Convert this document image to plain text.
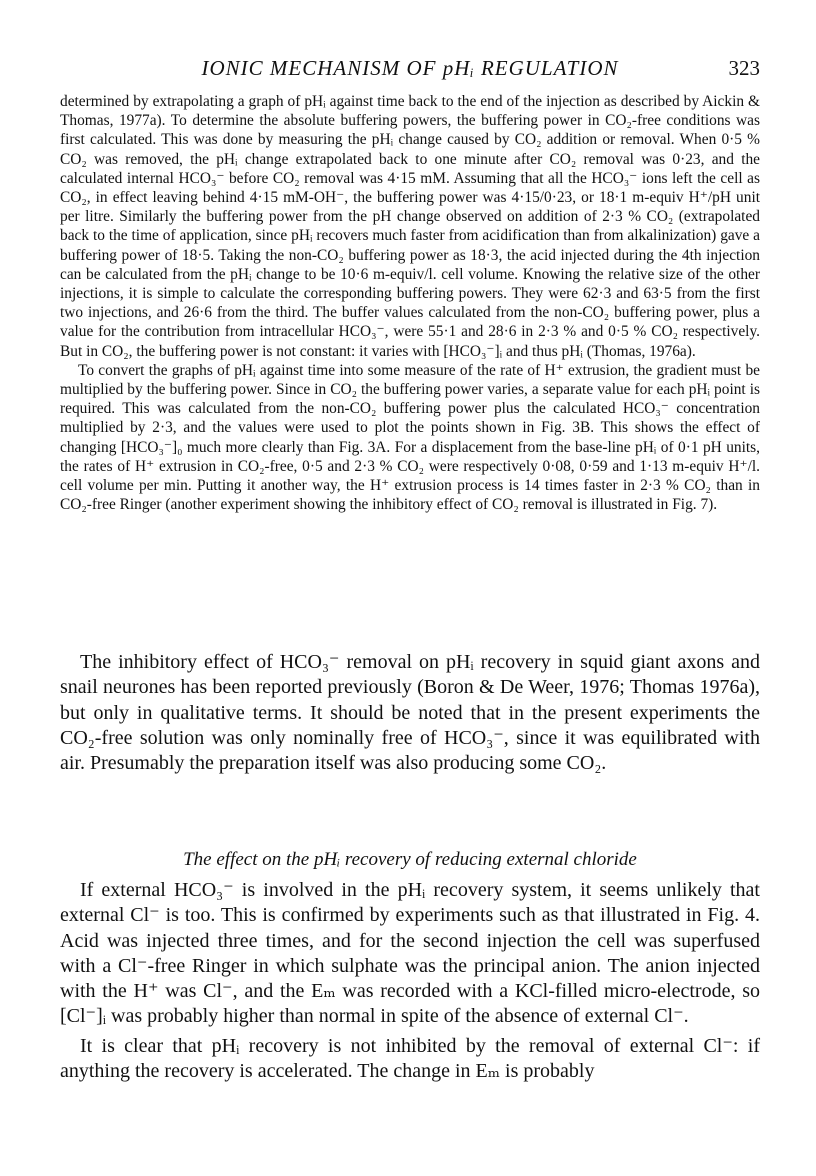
IONIC MECHANISM OF pHᵢ REGULATION	323

determined by extrapolating a graph of pHᵢ against time back to the end of the injection as described by Aickin & Thomas, 1977a). To determine the absolute buffering powers, the buffering power in CO₂-free conditions was first calculated. This was done by measuring the pHᵢ change caused by CO₂ addition or removal. When 0·5 % CO₂ was removed, the pHᵢ change extrapolated back to one minute after CO₂ removal was 0·23, and the calculated internal HCO₃⁻ before CO₂ removal was 4·15 mM. Assuming that all the HCO₃⁻ ions left the cell as CO₂, in effect leaving behind 4·15 mM-OH⁻, the buffering power was 4·15/0·23, or 18·1 m-equiv H⁺/pH unit per litre. Similarly the buffering power from the pH change observed on addition of 2·3 % CO₂ (extrapolated back to the time of application, since pHᵢ recovers much faster from acidification than from alkalinization) gave a buffering power of 18·5. Taking the non-CO₂ buffering power as 18·3, the acid injected during the 4th injection can be calculated from the pHᵢ change to be 10·6 m-equiv/l. cell volume. Knowing the relative size of the other injections, it is simple to calculate the corresponding buffering powers. They were 62·3 and 63·5 from the first two injections, and 26·6 from the third. The buffer values calculated from the non-CO₂ buffering power, plus a value for the contribution from intracellular HCO₃⁻, were 55·1 and 28·6 in 2·3 % and 0·5 % CO₂ respectively. But in CO₂, the buffering power is not constant: it varies with [HCO₃⁻]ᵢ and thus pHᵢ (Thomas, 1976a).

To convert the graphs of pHᵢ against time into some measure of the rate of H⁺ extrusion, the gradient must be multiplied by the buffering power. Since in CO₂ the buffering power varies, a separate value for each pHᵢ point is required. This was calculated from the non-CO₂ buffering power plus the calculated HCO₃⁻ concentration multiplied by 2·3, and the values were used to plot the points shown in Fig. 3B. This shows the effect of changing [HCO₃⁻]₀ much more clearly than Fig. 3A. For a displacement from the base-line pHᵢ of 0·1 pH units, the rates of H⁺ extrusion in CO₂-free, 0·5 and 2·3 % CO₂ were respectively 0·08, 0·59 and 1·13 m-equiv H⁺/l. cell volume per min. Putting it another way, the H⁺ extrusion process is 14 times faster in 2·3 % CO₂ than in CO₂-free Ringer (another experiment showing the inhibitory effect of CO₂ removal is illustrated in Fig. 7).

The inhibitory effect of HCO₃⁻ removal on pHᵢ recovery in squid giant axons and snail neurones has been reported previously (Boron & De Weer, 1976; Thomas 1976a), but only in qualitative terms. It should be noted that in the present experiments the CO₂-free solution was only nominally free of HCO₃⁻, since it was equilibrated with air. Presumably the preparation itself was also producing some CO₂.

The effect on the pHᵢ recovery of reducing external chloride

If external HCO₃⁻ is involved in the pHᵢ recovery system, it seems unlikely that external Cl⁻ is too. This is confirmed by experiments such as that illustrated in Fig. 4. Acid was injected three times, and for the second injection the cell was superfused with a Cl⁻-free Ringer in which sulphate was the principal anion. The anion injected with the H⁺ was Cl⁻, and the Eₘ was recorded with a KCl-filled micro-electrode, so [Cl⁻]ᵢ was probably higher than normal in spite of the absence of external Cl⁻.

It is clear that pHᵢ recovery is not inhibited by the removal of external Cl⁻: if anything the recovery is accelerated. The change in Eₘ is probably
